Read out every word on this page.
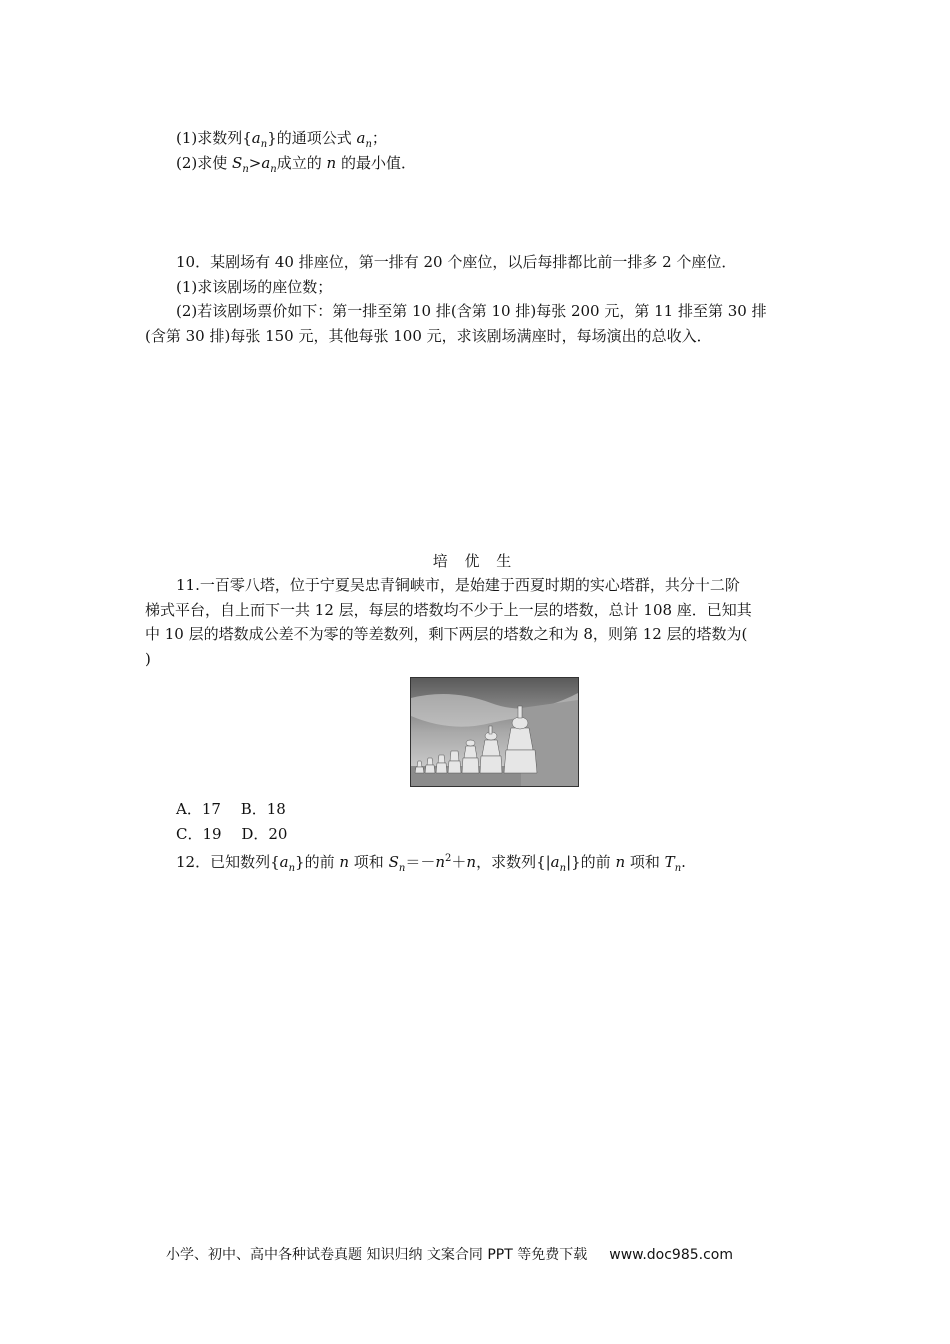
(1)求数列$\{a_n\}$的通项公式 $a_n$；
(2)求使 $S_n>a_n$成立的 n 的最小值．
10．某剧场有 40 排座位，第一排有 20 个座位，以后每排都比前一排多 2 个座位．
(1)求该剧场的座位数；
(2)若该剧场票价如下：第一排至第 10 排(含第 10 排)每张 200 元，第 11 排至第 30 排
(含第 30 排)每张 150 元，其他每张 100 元，求该剧场满座时，每场演出的总收入．
培 优 生
11.一百零八塔，位于宁夏吴忠青铜峡市，是始建于西夏时期的实心塔群，共分十二阶
梯式平台，自上而下一共 12 层，每层的塔数均不少于上一层的塔数，总计 108 座．已知其
中 10 层的塔数成公差不为零的等差数列，剩下两层的塔数之和为 8，则第 12 层的塔数为(
)
A．17　 B．18
C．19　 D．20
12．已知数列$\{a_n\}$的前 n 项和 $S_n=-n^2+n$，求数列$\{|a_n|\}$的前 n 项和 $T_n$.
小学、初中、高中各种试卷真题 知识归纳 文案合同 PPT 等免费下载 www.doc985.com
